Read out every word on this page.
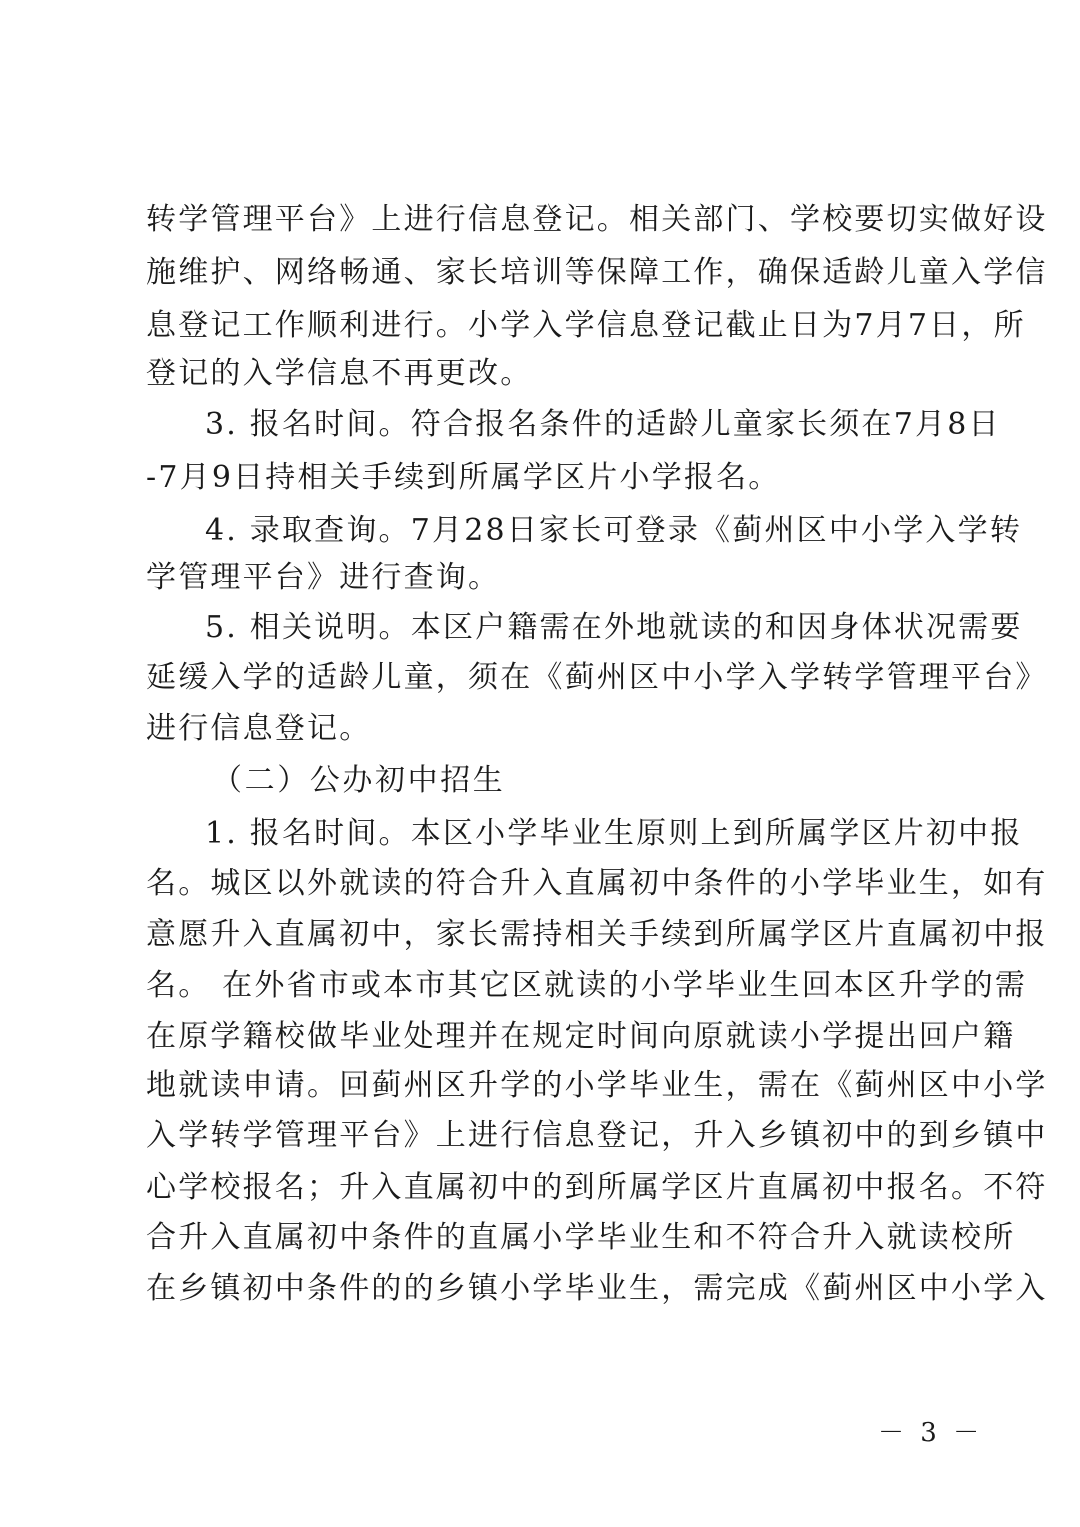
转学管理平台》上进行信息登记。相关部门、学校要切实做好设
施维护、网络畅通、家长培训等保障工作，确保适龄儿童入学信
息登记工作顺利进行。小学入学信息登记截止日为7月7日，所
登记的入学信息不再更改。
3. 报名时间。符合报名条件的适龄儿童家长须在7月8日
-7月9日持相关手续到所属学区片小学报名。
4. 录取查询。7月28日家长可登录《蓟州区中小学入学转
学管理平台》进行查询。
5. 相关说明。本区户籍需在外地就读的和因身体状况需要
延缓入学的适龄儿童，须在《蓟州区中小学入学转学管理平台》
进行信息登记。
（二）公办初中招生
1. 报名时间。本区小学毕业生原则上到所属学区片初中报
名。城区以外就读的符合升入直属初中条件的小学毕业生，如有
意愿升入直属初中，家长需持相关手续到所属学区片直属初中报
名。 在外省市或本市其它区就读的小学毕业生回本区升学的需
在原学籍校做毕业处理并在规定时间向原就读小学提出回户籍
地就读申请。回蓟州区升学的小学毕业生，需在《蓟州区中小学
入学转学管理平台》上进行信息登记，升入乡镇初中的到乡镇中
心学校报名；升入直属初中的到所属学区片直属初中报名。不符
合升入直属初中条件的直属小学毕业生和不符合升入就读校所
在乡镇初中条件的的乡镇小学毕业生，需完成《蓟州区中小学入
－ 3 －
